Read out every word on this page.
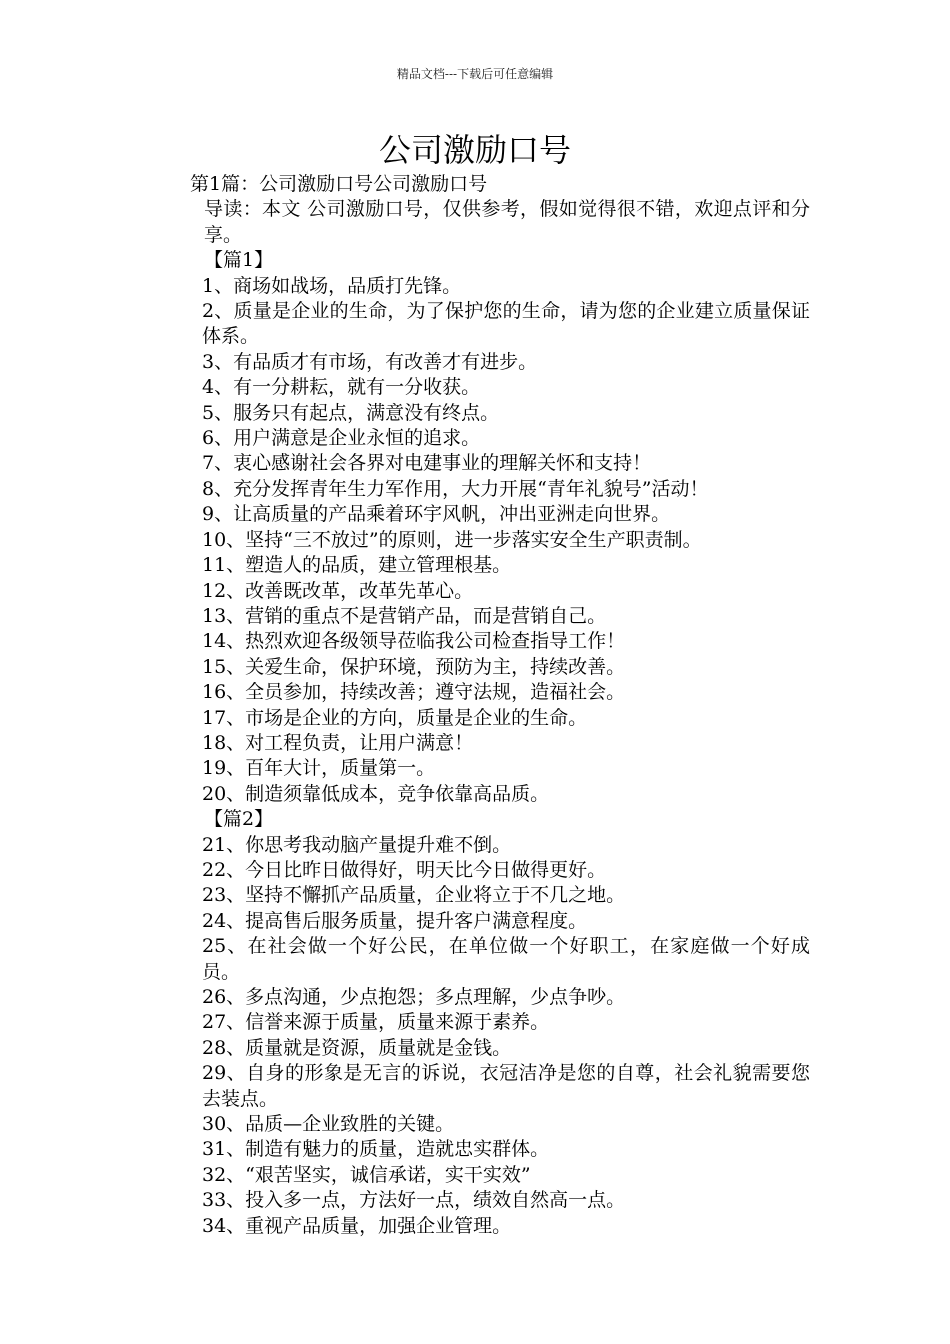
精品文档---下载后可任意编辑
公司激励口号
第1篇：公司激励口号公司激励口号
导读：本文 公司激励口号，仅供参考，假如觉得很不错，欢迎点评和分享。
【篇1】
1、商场如战场，品质打先锋。
2、质量是企业的生命，为了保护您的生命，请为您的企业建立质量保证体系。
3、有品质才有市场，有改善才有进步。
4、有一分耕耘，就有一分收获。
5、服务只有起点，满意没有终点。
6、用户满意是企业永恒的追求。
7、衷心感谢社会各界对电建事业的理解关怀和支持！
8、充分发挥青年生力军作用，大力开展“青年礼貌号”活动！
9、让高质量的产品乘着环宇风帆，冲出亚洲走向世界。
10、坚持“三不放过”的原则，进一步落实安全生产职责制。
11、塑造人的品质，建立管理根基。
12、改善既改革，改革先革心。
13、营销的重点不是营销产品，而是营销自己。
14、热烈欢迎各级领导莅临我公司检查指导工作！
15、关爱生命，保护环境，预防为主，持续改善。
16、全员参加，持续改善；遵守法规，造福社会。
17、市场是企业的方向，质量是企业的生命。
18、对工程负责，让用户满意！
19、百年大计，质量第一。
20、制造须靠低成本，竞争依靠高品质。
【篇2】
21、你思考我动脑产量提升难不倒。
22、今日比昨日做得好，明天比今日做得更好。
23、坚持不懈抓产品质量，企业将立于不几之地。
24、提高售后服务质量，提升客户满意程度。
25、在社会做一个好公民，在单位做一个好职工，在家庭做一个好成员。
26、多点沟通，少点抱怨；多点理解，少点争吵。
27、信誉来源于质量，质量来源于素养。
28、质量就是资源，质量就是金钱。
29、自身的形象是无言的诉说，衣冠洁净是您的自尊，社会礼貌需要您去装点。
30、品质—企业致胜的关键。
31、制造有魅力的质量，造就忠实群体。
32、“艰苦坚实，诚信承诺，实干实效”
33、投入多一点，方法好一点，绩效自然高一点。
34、重视产品质量，加强企业管理。
